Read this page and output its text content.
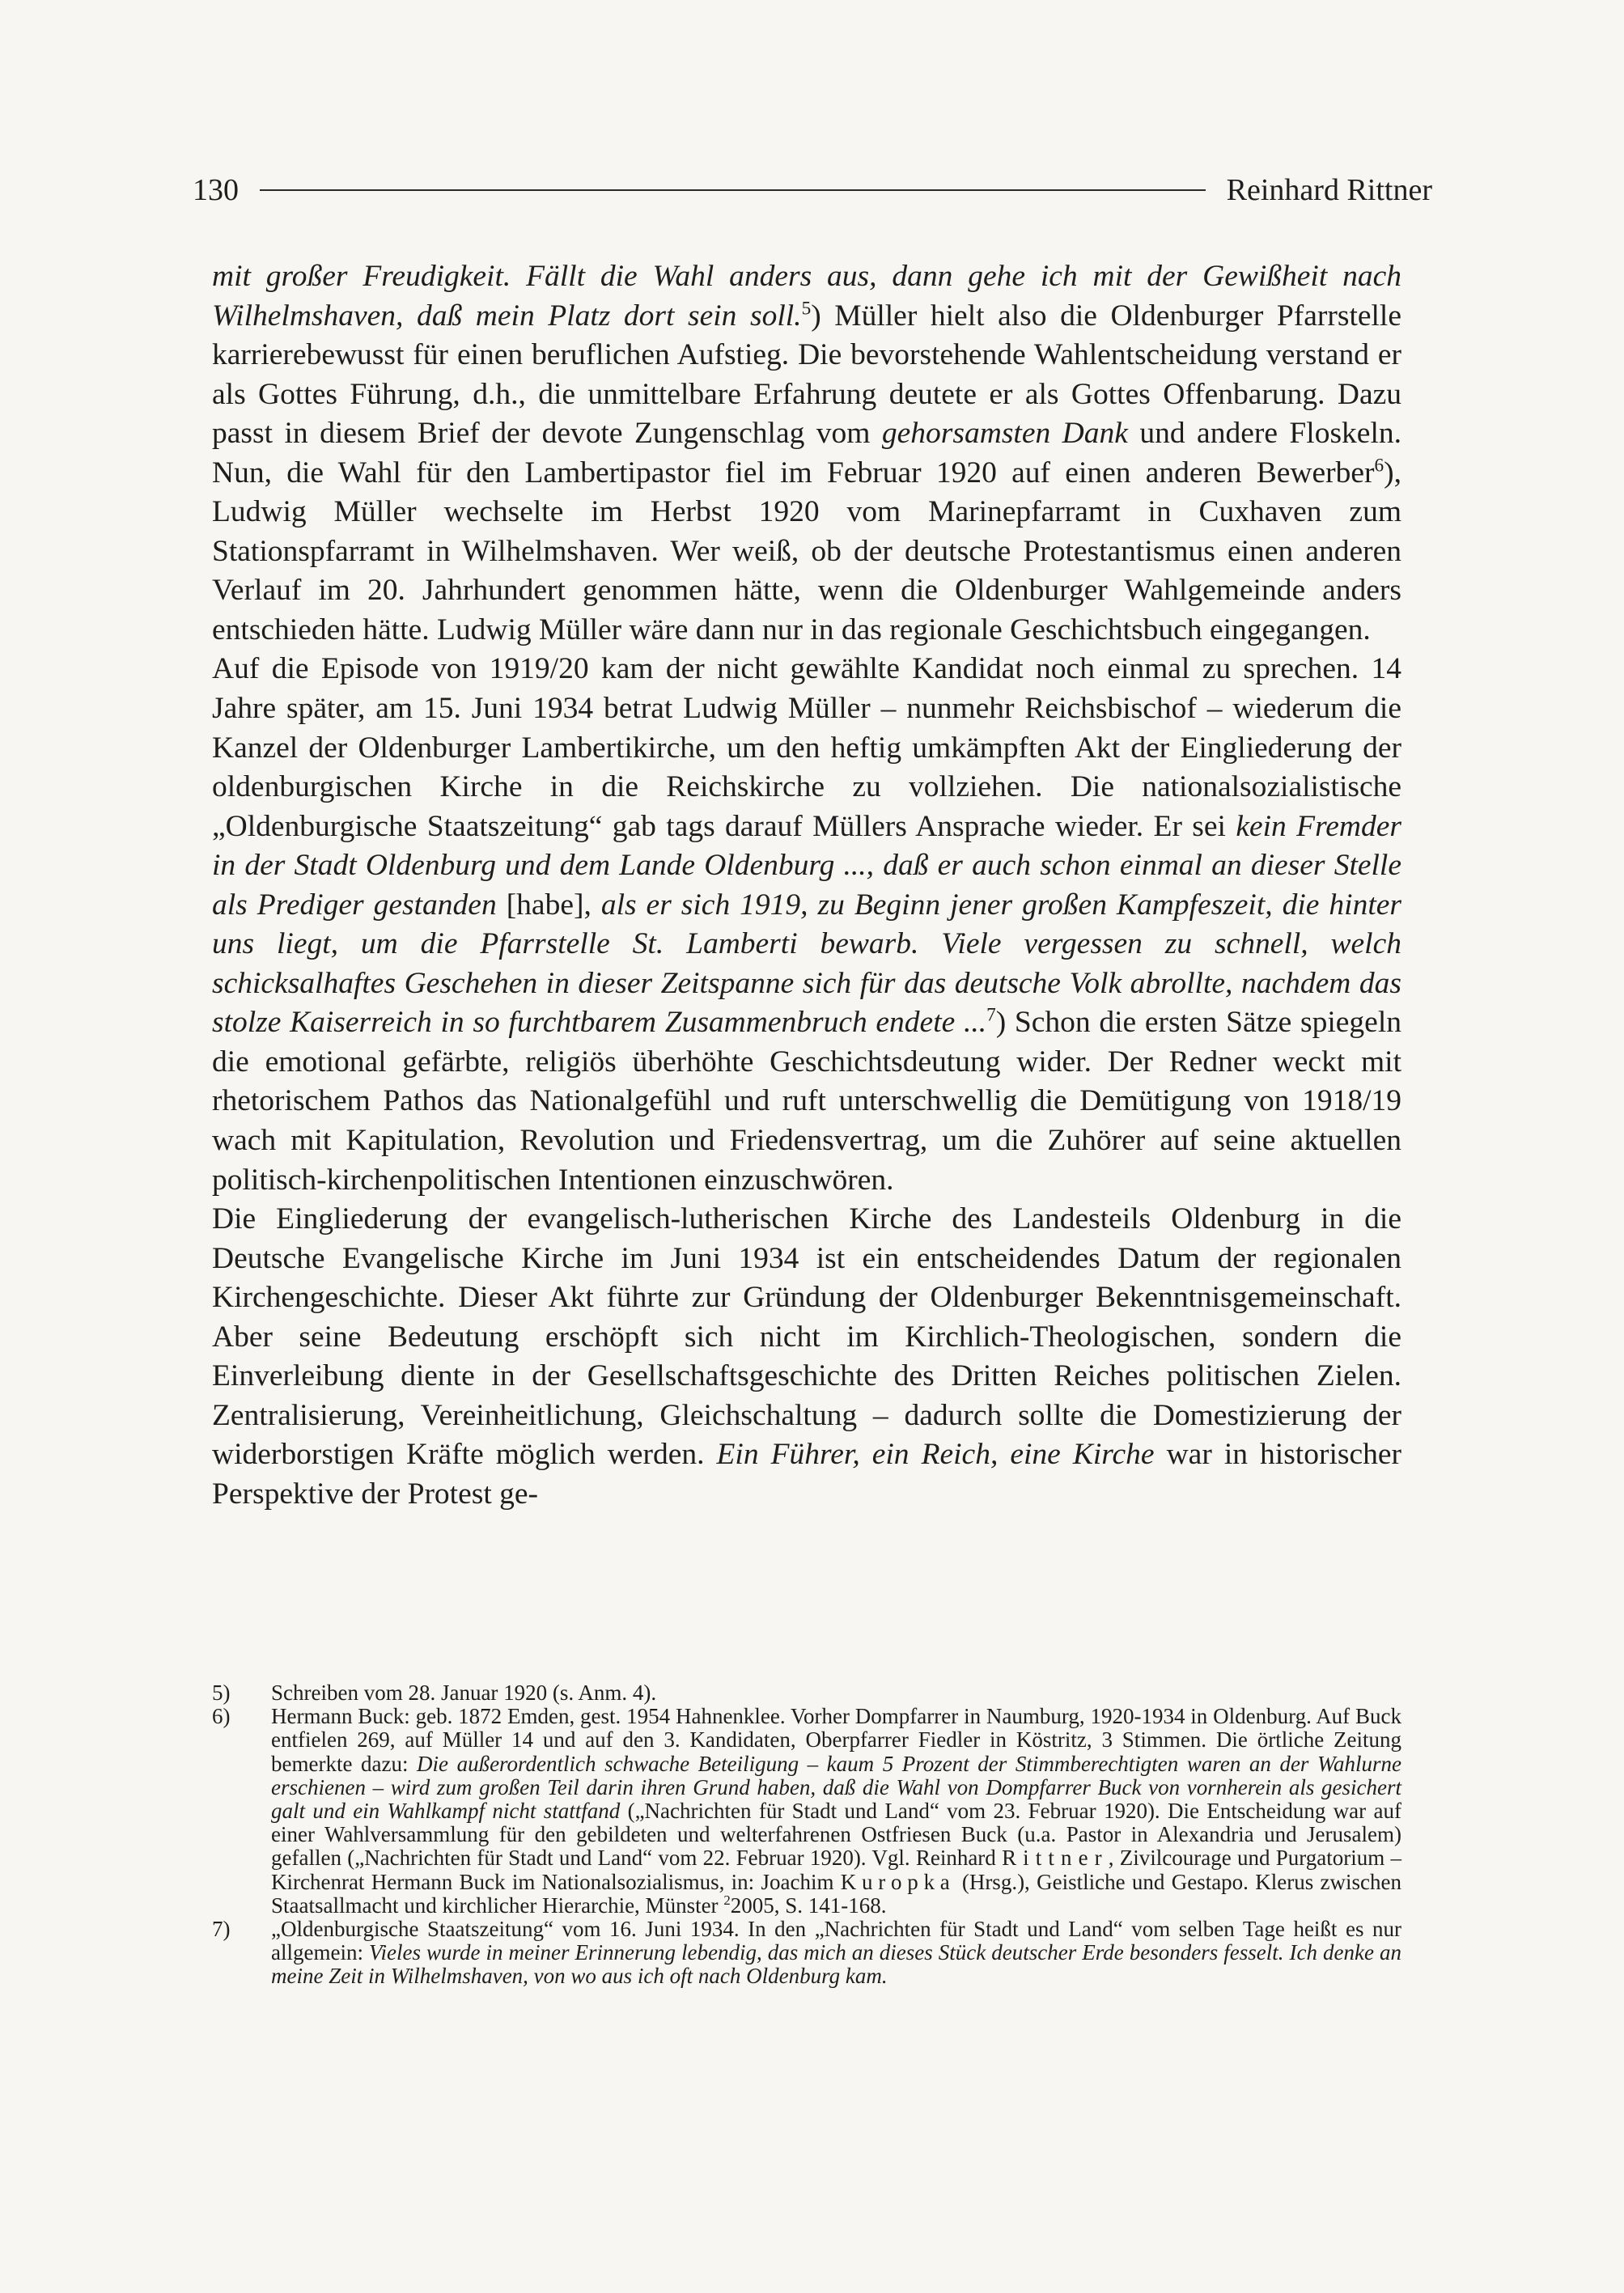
130	Reinhard Rittner

mit großer Freudigkeit. Fällt die Wahl anders aus, dann gehe ich mit der Gewißheit nach Wilhelmshaven, daß mein Platz dort sein soll.$^5$) Müller hielt also die Oldenburger Pfarrstelle karrierebewusst für einen beruflichen Aufstieg. Die bevorstehende Wahlentscheidung verstand er als Gottes Führung, d.h., die unmittelbare Erfahrung deutete er als Gottes Offenbarung. Dazu passt in diesem Brief der devote Zungenschlag vom gehorsamsten Dank und andere Floskeln. Nun, die Wahl für den Lambertipastor fiel im Februar 1920 auf einen anderen Bewerber$^6$), Ludwig Müller wechselte im Herbst 1920 vom Marinepfarramt in Cuxhaven zum Stationspfarramt in Wilhelmshaven. Wer weiß, ob der deutsche Protestantismus einen anderen Verlauf im 20. Jahrhundert genommen hätte, wenn die Oldenburger Wahlgemeinde anders entschieden hätte. Ludwig Müller wäre dann nur in das regionale Geschichtsbuch eingegangen.

Auf die Episode von 1919/20 kam der nicht gewählte Kandidat noch einmal zu sprechen. 14 Jahre später, am 15. Juni 1934 betrat Ludwig Müller – nunmehr Reichsbischof – wiederum die Kanzel der Oldenburger Lambertikirche, um den heftig umkämpften Akt der Eingliederung der oldenburgischen Kirche in die Reichskirche zu vollziehen. Die nationalsozialistische „Oldenburgische Staatszeitung“ gab tags darauf Müllers Ansprache wieder. Er sei kein Fremder in der Stadt Oldenburg und dem Lande Oldenburg ..., daß er auch schon einmal an dieser Stelle als Prediger gestanden [habe], als er sich 1919, zu Beginn jener großen Kampfeszeit, die hinter uns liegt, um die Pfarrstelle St. Lamberti bewarb. Viele vergessen zu schnell, welch schicksalhaftes Geschehen in dieser Zeitspanne sich für das deutsche Volk abrollte, nachdem das stolze Kaiserreich in so furchtbarem Zusammenbruch endete ...$^7$) Schon die ersten Sätze spiegeln die emotional gefärbte, religiös überhöhte Geschichtsdeutung wider. Der Redner weckt mit rhetorischem Pathos das Nationalgefühl und ruft unterschwellig die Demütigung von 1918/19 wach mit Kapitulation, Revolution und Friedensvertrag, um die Zuhörer auf seine aktuellen politisch-kirchenpolitischen Intentionen einzuschwören.

Die Eingliederung der evangelisch-lutherischen Kirche des Landesteils Oldenburg in die Deutsche Evangelische Kirche im Juni 1934 ist ein entscheidendes Datum der regionalen Kirchengeschichte. Dieser Akt führte zur Gründung der Oldenburger Bekenntnisgemeinschaft. Aber seine Bedeutung erschöpft sich nicht im Kirchlich-Theologischen, sondern die Einverleibung diente in der Gesellschaftsgeschichte des Dritten Reiches politischen Zielen. Zentralisierung, Vereinheitlichung, Gleichschaltung – dadurch sollte die Domestizierung der widerborstigen Kräfte möglich werden. Ein Führer, ein Reich, eine Kirche war in historischer Perspektive der Protest ge-

5)	Schreiben vom 28. Januar 1920 (s. Anm. 4).
6)	Hermann Buck: geb. 1872 Emden, gest. 1954 Hahnenklee. Vorher Dompfarrer in Naumburg, 1920-1934 in Oldenburg. Auf Buck entfielen 269, auf Müller 14 und auf den 3. Kandidaten, Oberpfarrer Fiedler in Köstritz, 3 Stimmen. Die örtliche Zeitung bemerkte dazu: Die außerordentlich schwache Beteiligung – kaum 5 Prozent der Stimmberechtigten waren an der Wahlurne erschienen – wird zum großen Teil darin ihren Grund haben, daß die Wahl von Dompfarrer Buck von vornherein als gesichert galt und ein Wahlkampf nicht stattfand („Nachrichten für Stadt und Land“ vom 23. Februar 1920). Die Entscheidung war auf einer Wahlversammlung für den gebildeten und welterfahrenen Ostfriesen Buck (u.a. Pastor in Alexandria und Jerusalem) gefallen („Nachrichten für Stadt und Land“ vom 22. Februar 1920). Vgl. Reinhard Rittner, Zivilcourage und Purgatorium – Kirchenrat Hermann Buck im Nationalsozialismus, in: Joachim Kuropka (Hrsg.), Geistliche und Gestapo. Klerus zwischen Staatsallmacht und kirchlicher Hierarchie, Münster $^2$2005, S. 141-168.
7)	„Oldenburgische Staatszeitung“ vom 16. Juni 1934. In den „Nachrichten für Stadt und Land“ vom selben Tage heißt es nur allgemein: Vieles wurde in meiner Erinnerung lebendig, das mich an dieses Stück deutscher Erde besonders fesselt. Ich denke an meine Zeit in Wilhelmshaven, von wo aus ich oft nach Oldenburg kam.
